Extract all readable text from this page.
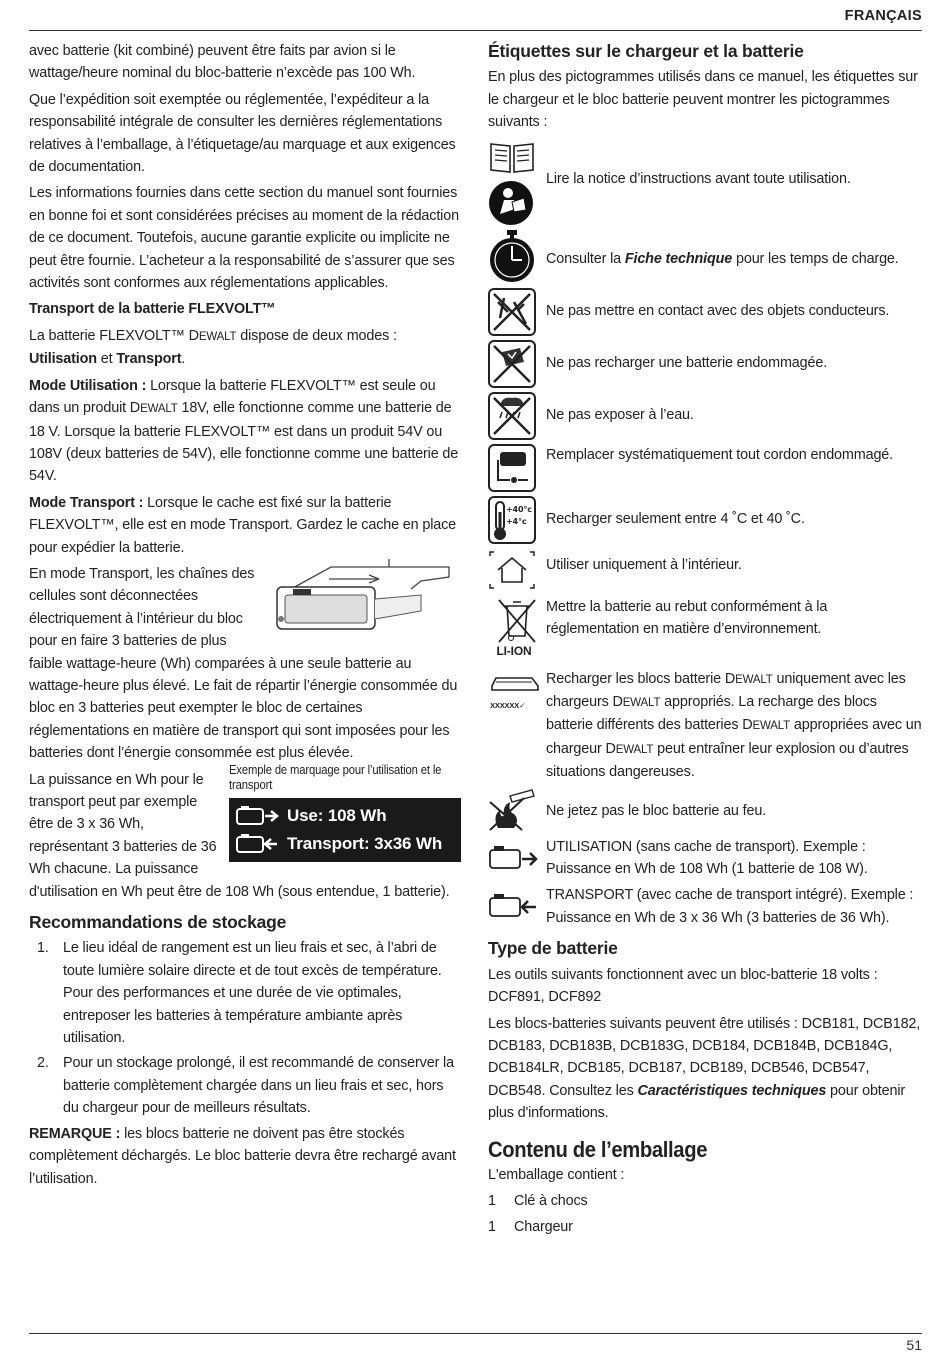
FRANÇAIS

avec batterie (kit combiné) peuvent être faits par avion si le wattage/heure nominal du bloc-batterie n’excède pas 100 Wh.

Que l’expédition soit exemptée ou réglementée, l’expéditeur a la responsabilité intégrale de consulter les dernières réglementations relatives à l’emballage, à l’étiquetage/au marquage et aux exigences de documentation.

Les informations fournies dans cette section du manuel sont fournies en bonne foi et sont considérées précises au moment de la rédaction de ce document. Toutefois, aucune garantie explicite ou implicite ne peut être fournie. L’acheteur a la responsabilité de s’assurer que ses activités sont conformes aux réglementations applicables.

Transport de la batterie FLEXVOLT™

La batterie FLEXVOLT™ DEWALT dispose de deux modes : Utilisation et Transport.

Mode Utilisation : Lorsque la batterie FLEXVOLT™ est seule ou dans un produit DEWALT 18V, elle fonctionne comme une batterie de 18 V. Lorsque la batterie FLEXVOLT™ est dans un produit 54V ou 108V (deux batteries de 54V), elle fonctionne comme une batterie de 54V.

Mode Transport : Lorsque le cache est fixé sur la batterie FLEXVOLT™, elle est en mode Transport. Gardez le cache en place pour expédier la batterie.

En mode Transport, les chaînes des cellules sont déconnectées électriquement à l’intérieur du bloc pour en faire 3 batteries de plus faible wattage-heure (Wh) comparées à une seule batterie au wattage-heure plus élevé. Le fait de répartir l’énergie consommée du bloc en 3 batteries peut exempter le bloc de certaines réglementations en matière de transport qui sont imposées pour les batteries dont l’énergie consommée est plus élevée.

Exemple de marquage pour l’utilisation et le transport
Use: 108 Wh
Transport: 3x36 Wh

La puissance en Wh pour le transport peut par exemple être de 3 x 36 Wh, représentant 3 batteries de 36 Wh chacune. La puissance d'utilisation en Wh peut être de 108 Wh (sous entendue, 1 batterie).

Recommandations de stockage
1. Le lieu idéal de rangement est un lieu frais et sec, à l’abri de toute lumière solaire directe et de tout excès de température. Pour des performances et une durée de vie optimales, entreposer les batteries à température ambiante après utilisation.
2. Pour un stockage prolongé, il est recommandé de conserver la batterie complètement chargée dans un lieu frais et sec, hors du chargeur pour de meilleurs résultats.

REMARQUE : les blocs batterie ne doivent pas être stockés complètement déchargés. Le bloc batterie devra être rechargé avant l’utilisation.

Étiquettes sur le chargeur et la batterie

En plus des pictogrammes utilisés dans ce manuel, les étiquettes sur le chargeur et le bloc batterie peuvent montrer les pictogrammes suivants :

Lire la notice d’instructions avant toute utilisation.
Consulter la Fiche technique pour les temps de charge.
Ne pas mettre en contact avec des objets conducteurs.
Ne pas recharger une batterie endommagée.
Ne pas exposer à l’eau.
Remplacer systématiquement tout cordon endommagé.
+40°c
+4°c Recharger seulement entre 4 ˚C et 40 ˚C.
Utiliser uniquement à l’intérieur.
LI-ION
Mettre la batterie au rebut conformément à la réglementation en matière d’environnement.
XXXXXX✓
Recharger les blocs batterie DEWALT uniquement avec les chargeurs DEWALT appropriés. La recharge des blocs batterie différents des batteries DEWALT appropriées avec un chargeur DEWALT peut entraîner leur explosion ou d’autres situations dangereuses.
Ne jetez pas le bloc batterie au feu.
UTILISATION (sans cache de transport). Exemple : Puissance en Wh de 108 Wh (1 batterie de 108 W).
TRANSPORT (avec cache de transport intégré). Exemple : Puissance en Wh de 3 x 36 Wh (3 batteries de 36 Wh).
Type de batterie

Les outils suivants fonctionnent avec un bloc-batterie 18 volts : DCF891, DCF892

Les blocs-batteries suivants peuvent être utilisés : DCB181, DCB182, DCB183, DCB183B, DCB183G, DCB184, DCB184B, DCB184G, DCB184LR, DCB185, DCB187, DCB189, DCB546, DCB547, DCB548. Consultez les Caractéristiques techniques pour obtenir plus d'informations.

Contenu de l’emballage

L'emballage contient :

1	Clé à chocs
1	Chargeur
51
